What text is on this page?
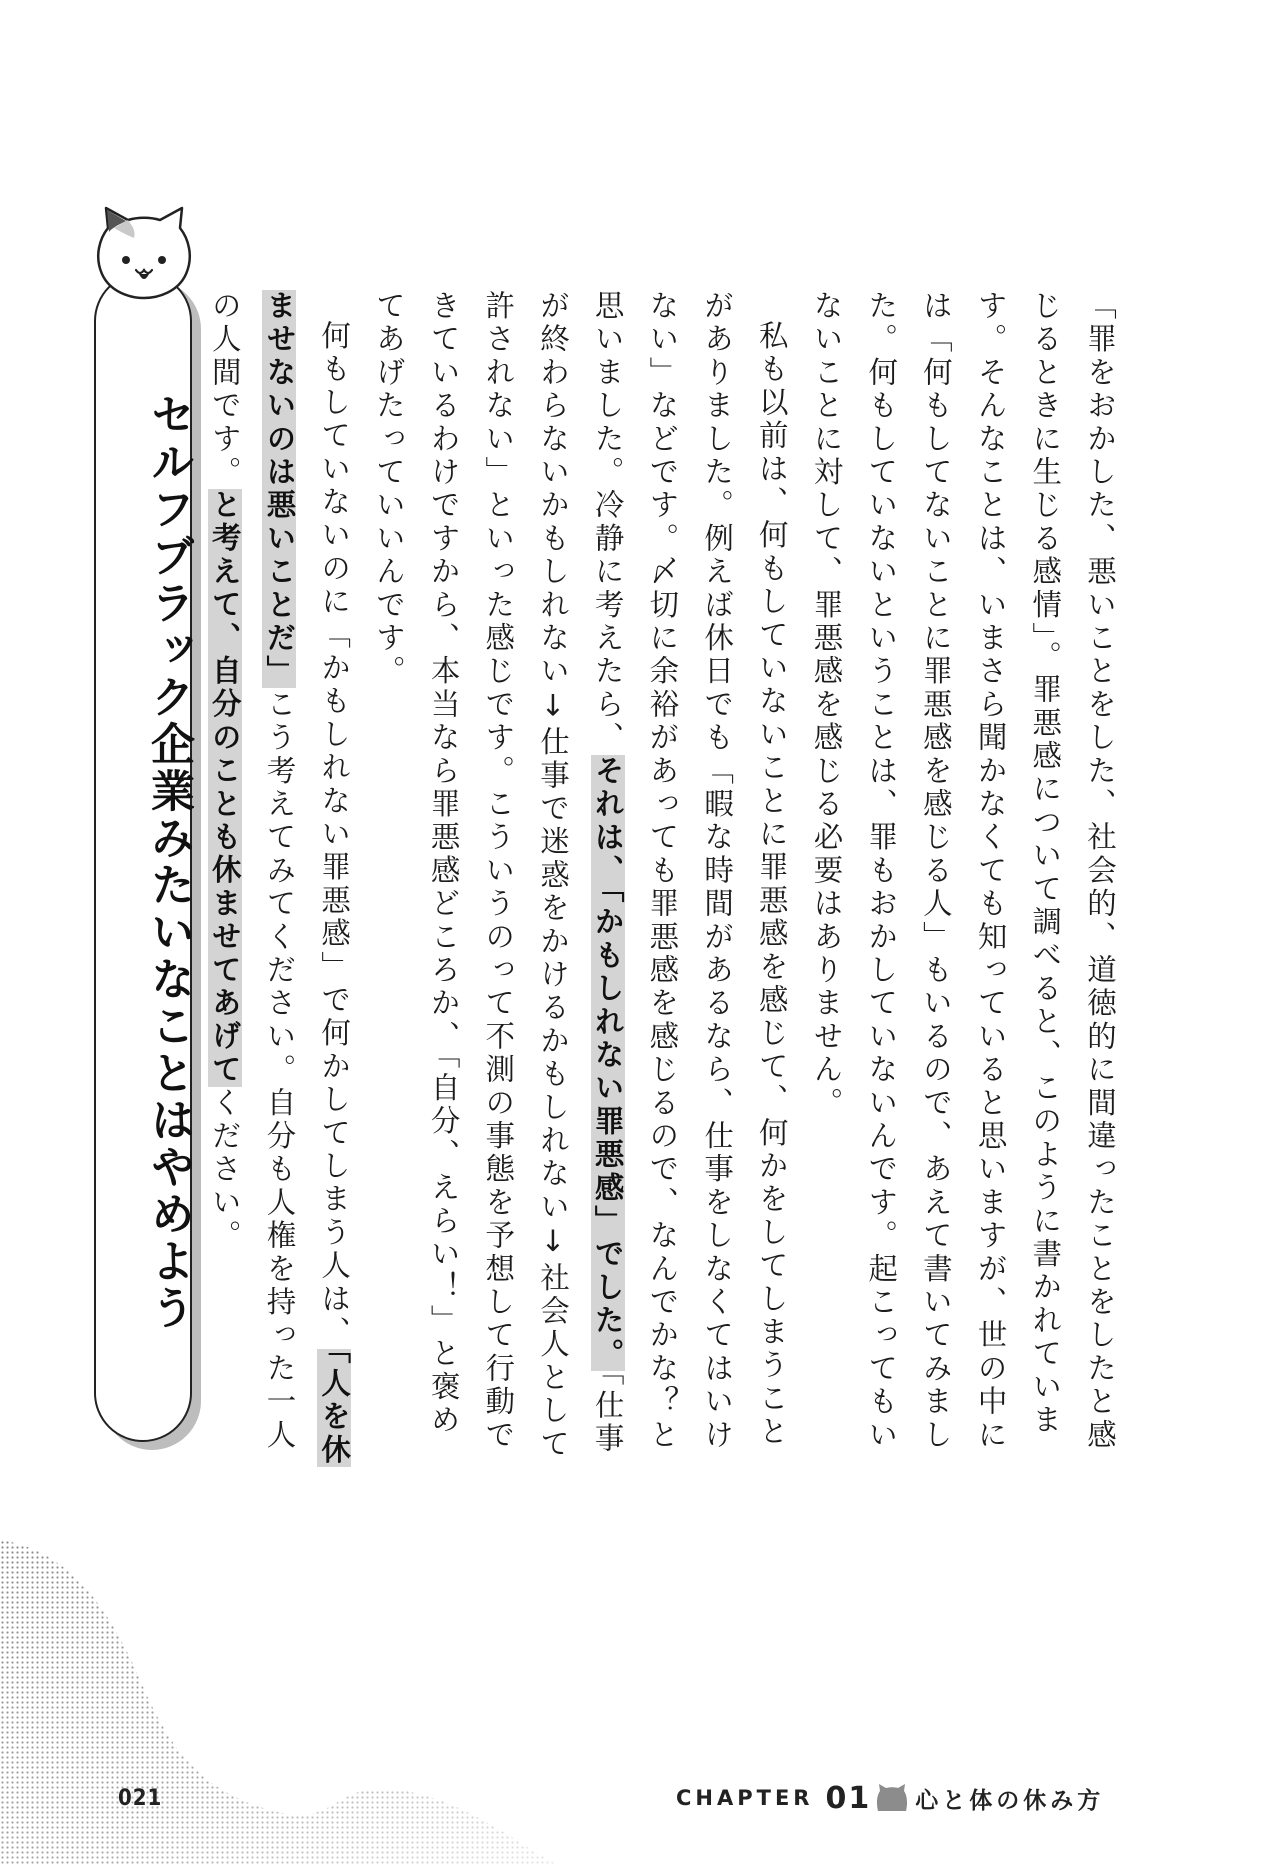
セルフブラック企業みたいなことはやめよう	「罪をおかした、悪いことをした、社会的、道徳的に間違ったことをしたと感じるときに生じる感情」。罪悪感について調べると、このように書かれています。そんなことは、いまさら聞かなくても知っていると思いますが、世の中には「何もしてないことに罪悪感を感じる人」もいるので、あえて書いてみました。何もしていないということは、罪もおかしていないんです。起こってもいないことに対して、罪悪感を感じる必要はありません。

私も以前は、何もしていないことに罪悪感を感じて、何かをしてしまうことがありました。例えば休日でも「暇な時間があるなら、仕事をしなくてはいけない」などです。〆切に余裕があっても罪悪感を感じるので、なんでかな？と思いました。冷静に考えたら、それは、「かもしれない罪悪感」でした。「仕事が終わらないかもしれない↓仕事で迷惑をかけるかもしれない↓社会人として許されない」といった感じです。こういうのって不測の事態を予想して行動できているわけですから、本当なら罪悪感どころか、「自分、えらい！」と褒めてあげたっていいんです。

何もしていないのに「かもしれない罪悪感」で何かしてしまう人は、「人を休ませないのは悪いことだ」こう考えてみてください。自分も人権を持った一人の人間です。と考えて、自分のことも休ませてあげてください。

021	CHAPTER 01 心と体の休み方
